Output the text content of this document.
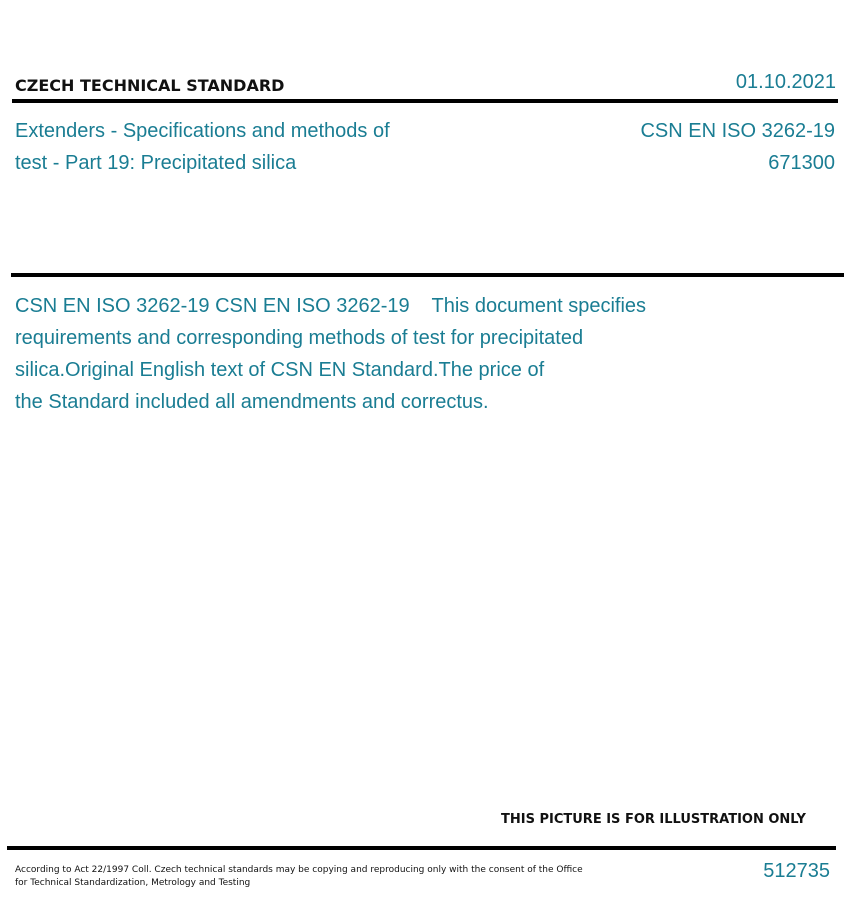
CZECH TECHNICAL STANDARD	01.10.2021
Extenders - Specifications and methods of
test - Part 19: Precipitated silica
CSN EN ISO 3262-19
671300
CSN EN ISO 3262-19 CSN EN ISO 3262-19    This document specifies
requirements and corresponding methods of test for precipitated
silica.Original English text of CSN EN Standard.The price of
the Standard included all amendments and correctus.
THIS PICTURE IS FOR ILLUSTRATION ONLY
According to Act 22/1997 Coll. Czech technical standards may be copying and reproducing only with the consent of the Office
for Technical Standardization, Metrology and Testing
512735
